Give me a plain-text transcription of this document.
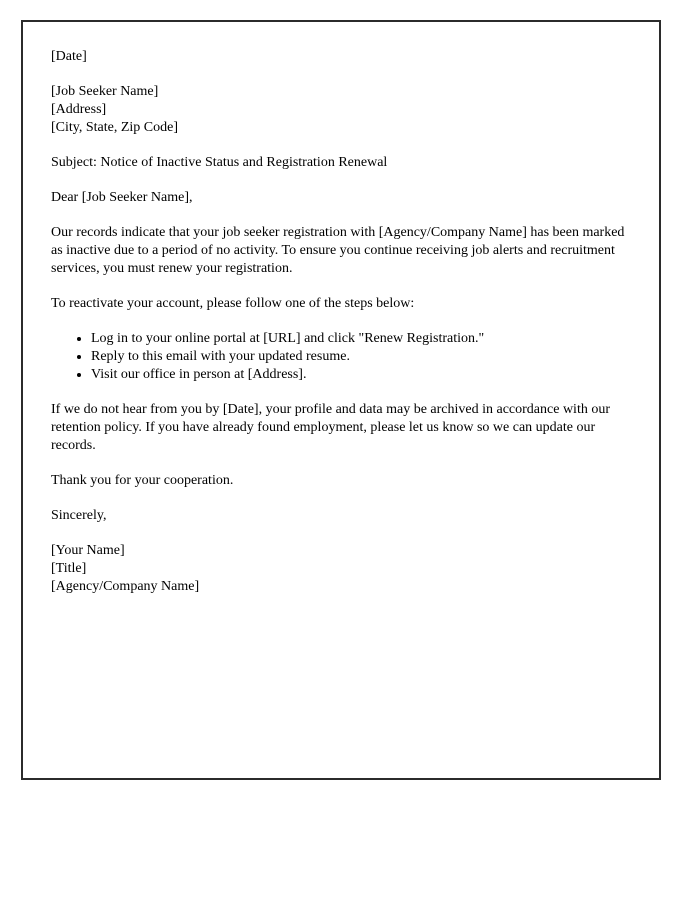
[Date]

[Job Seeker Name]
[Address]
[City, State, Zip Code]

Subject: Notice of Inactive Status and Registration Renewal

Dear [Job Seeker Name],

Our records indicate that your job seeker registration with [Agency/Company Name] has been marked as inactive due to a period of no activity. To ensure you continue receiving job alerts and recruitment services, you must renew your registration.

To reactivate your account, please follow one of the steps below:

• Log in to your online portal at [URL] and click "Renew Registration."
• Reply to this email with your updated resume.
• Visit our office in person at [Address].

If we do not hear from you by [Date], your profile and data may be archived in accordance with our retention policy. If you have already found employment, please let us know so we can update our records.

Thank you for your cooperation.

Sincerely,

[Your Name]
[Title]
[Agency/Company Name]
